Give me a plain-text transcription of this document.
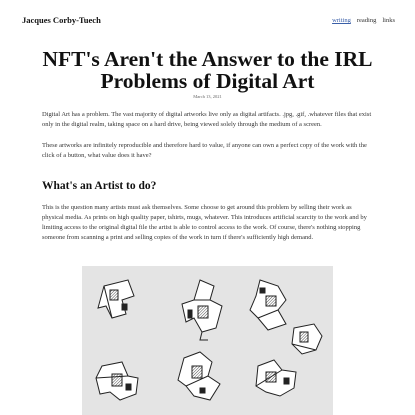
Jacques Corby-Tuech	writing reading links
NFT's Aren't the Answer to the IRL Problems of Digital Art
March 13, 2021

Digital Art has a problem. The vast majority of digital artworks live only as digital artifacts. .jpg, .gif, .whatever files that exist only in the digital realm, taking space on a hard drive, being viewed solely through the medium of a screen.

These artworks are infinitely reproducible and therefore hard to value, if anyone can own a perfect copy of the work with the click of a button, what value does it have?

What's an Artist to do?

This is the question many artists must ask themselves. Some choose to get around this problem by selling their work as physical media. As prints on high quality paper, tshirts, mugs, whatever. This introduces artificial scarcity to the work and by limiting access to the original digital file the artist is able to control access to the work. Of course, there's nothing stopping someone from scanning a print and selling copies of the work in turn if there's sufficiently high demand.
